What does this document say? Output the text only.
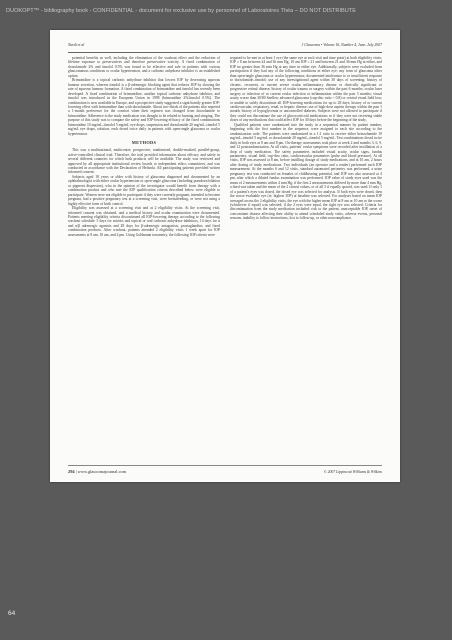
DUOKOPT™ - bibliography book - CONFIDENTIAL - document for exclusive use by personnel of Laboratoires Théa – DO NOT DISTRIBUTE
Nardi et al	J Glaucoma • Volume 16, Number 4, June–July 2007

potential benefits as well, including the elimination of the washout effect and the reduction of lifetime exposure to preservatives and therefore preservative toxicity. A fixed combination of dorzolamide 2% and timolol 0.5% was found to be effective and safe in patients with various glaucomatous conditions or ocular hypertension, and a carbonic anhydrase inhibitor is an established option.

Brimonidine is a topical carbonic anhydrase inhibitor that lowers IOP by decreasing aqueous humour secretion, whereas timolol is a β-adrenergic blocking agent that reduces IOP by slowing the rate of aqueous humour formation. A fixed combination of brimonidine and timolol has recently been developed. A fixed combination of brimonidine, another topical carbonic anhydrase inhibitor, and timolol was introduced in the European Union in 1998 (brimonidine 2%/timolol 0.5%). The combination is now available in Europe, and a prospective study suggested a significantly greater IOP-lowering effect with brimonidine than with dorzolamide. About two-thirds of the patients also reported a 1-month preference for the comfort when their regimen was changed from dorzolamide to brimonidine. Adherence to the study medication was thought to be related to burning and stinging. The purpose of this study was to compare the safety and IOP-lowering efficacy of the fixed combinations brimonidine 10 mg/mL–timolol 5 mg/mL eye drops, suspension and dorzolamide 20 mg/mL–timolol 5 mg/mL eye drops, solution, each dosed twice daily in patients with open-angle glaucoma or ocular hypertension.

METHODS

This was a multinational, multicentre, prospective, randomized, double-masked, parallel-group, active-controlled clinical trial. Therefore, the trial provided information about efficacy and safety in several different countries for which both products will be available. The study was reviewed and approved by all appropriate institutional review boards or independent ethics committees, and was conducted in accordance with the Declaration of Helsinki. All participating patients provided written informed consent.

Subjects aged 18 years or older with history of glaucoma diagnosed and documented by an ophthalmologist with either ocular hypertension or open-angle glaucoma (including pseudoexfoliation or pigment dispersion), who in the opinion of the investigator would benefit from therapy with a combination product and who met the IOP qualification criteria described below were eligible to participate. Women were not eligible to participate if they were currently pregnant, intended to become pregnant, had a positive pregnancy test at a screening visit, were breastfeeding, or were not using a highly effective form of birth control.

Eligibility was assessed at a screening visit and at 2 eligibility visits. At the screening visit, informed consent was obtained, and a medical history and ocular examination were documented. Patients meeting eligibility criteria discontinued all IOP-lowering therapy according to the following washout schedule: 5 days for miotics and topical or oral carbonic anhydrase inhibitors, 14 days for α and α/β adrenergic agonists and 28 days for β-adrenergic antagonists, prostaglandins, and fixed combination products. After washout, patients attended 2 eligibility visits 1 week apart for IOP assessments at 8 am, 10 am, and 4 pm. Using Goldmann tonometry, the following IOP criteria were

required to be met in at least 1 eye (the same eye at each visit and time point) at both eligibility visits: IOP ≥ 8 am between 24 and 36 mm Hg, 10 am IOP ≥ 21 and between 21 and 36 mm Hg at either, and IOP no greater than 36 mm Hg at any time in either eye. Additionally, subjects were excluded from participation if they had any of the following conditions in either eye: any form of glaucoma other than open-angle glaucoma or ocular hypertension; documented intolerance to or insufficient response to dorzolamide–timolol; use of any investigational agent within 30 days of screening; history of chronic, recurrent, or current severe ocular inflammatory disease or clinically significant or progressive retinal disease; history of ocular trauma or surgery within the past 6 months; ocular laser surgery or infection of or current ocular infection or inflammation within the past 3 months; visual acuity worse than 20/80 Snellen; advanced glaucoma (cup-disc ratio > 0.8) or central visual field loss; or unable to safely discontinue all IOP-lowering medications for up to 28 days; history of or current cardiovascular, respiratory, renal, or hepatic disease; use of high-dose aspirin therapy within the past 1 month; history of hypoglycemia or uncontrolled diabetes. Subjects were not allowed to participate if they could not discontinue the use of glucocorticoid medications or if they were not receiving stable doses of any medications that could affect IOP for 30 days before the beginning of the study.

Qualified patients were randomized into the study in a sequential manner by patient number, beginning with the first number in the sequence, were assigned to each site according to the randomization code. The patients were randomized in a 1:1 ratio to receive either brinzolamide 10 mg/mL–timolol 5 mg/mL or dorzolamide 20 mg/mL–timolol 5 mg/mL. Test combinations dosed twice daily in both eyes at 8 am and 8 pm. On-therapy assessments took place at week 2 and months 3, 6, 9, and 12 postrandomization. At all visits, patients' ocular symptoms were recorded after instillation of a drop of study medication. The safety parameters included visual acuity, ocular signs, fundus parameters, visual field, cup-disc ratio, cardiovascular parameters (pulse and blood pressure). At all visits, IOP was assessed at 8 am, before instilling dosage of study medications, and at 10 am, 2 hours after dosing of study medications. Two individuals (an operator and a reader) performed each IOP measurement. At the months 6 and 12 visits, standard automated perimetry was performed, a urine pregnancy test was conducted on females of childbearing potential, and IOP was also assessed at 4 pm, after which a dilated fundus examination was performed. IOP value of study eyes used was the mean of 2 measurements within 4 mm Hg; if the first 2 measurements differed by more than 4 mm Hg, a third was taken and the mean of the 2 closest values, or of all 3 if equally spaced, was used. If only 1 of a patient's eyes was dosed, the dosed eye was selected for analysis. If both eyes were dosed, then the worse evaluable eye (ie, highest IOP) at baseline was selected. For analyses based on mean IOP averaged across the 2 eligibility visits, the eye with the higher mean IOP at 8 am or 10 am or the worse (whichever if equal) was selected; if the 2 eyes were equal, the right eye was selected. Criteria for discontinuation from the study medication included: risk to the patient, unacceptable IOP, onset of concomitant disease affecting their ability to attend scheduled study visits, adverse events, personal reasons, inability to follow instructions, lost to follow-up, or other noncompliance.

294 | www.glaucomajournal.com	© 2007 Lippincott Williams & Wilkins
64
